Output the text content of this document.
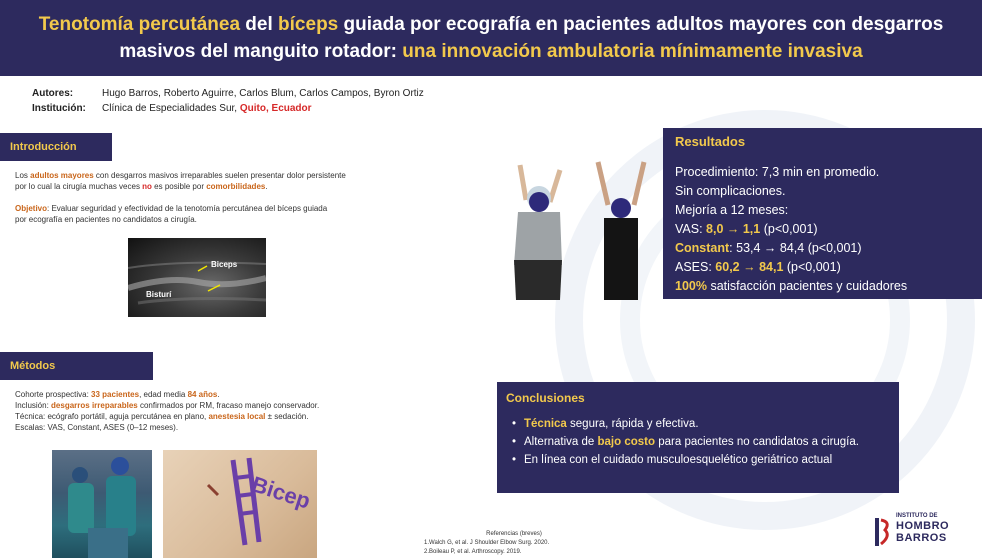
Tenotomía percutánea del bíceps guiada por ecografía en pacientes adultos mayores con desgarros
masivos del manguito rotador: una innovación ambulatoria mínimamente invasiva
Autores:	Hugo Barros, Roberto Aguirre, Carlos Blum, Carlos Campos, Byron Ortiz
Institución: Clínica de Especialidades Sur, Quito, Ecuador
Introducción
Los adultos mayores con desgarros masivos irreparables suelen presentar dolor persistente
por lo cual la cirugía muchas veces no es posible por comorbilidades.
Objetivo: Evaluar seguridad y efectividad de la tenotomía percutánea del bíceps guiada
por ecografía en pacientes no candidatos a cirugía.
Biceps
Bisturí
Métodos
Cohorte prospectiva: 33 pacientes, edad media 84 años.
Inclusión: desgarros irreparables confirmados por RM, fracaso manejo conservador.
Técnica: ecógrafo portátil, aguja percutánea en plano, anestesia local ± sedación.
Escalas: VAS, Constant, ASES (0–12 meses).
Bicep
Resultados
Procedimiento: 7,3 min en promedio.
Sin complicaciones.
Mejoría a 12 meses:
VAS: 8,0 → 1,1 (p<0,001)
Constant: 53,4 → 84,4 (p<0,001)
ASES: 60,2 → 84,1 (p<0,001)
100% satisfacción pacientes y cuidadores
Conclusiones
• Técnica segura, rápida y efectiva.
• Alternativa de bajo costo para pacientes no candidatos a cirugía.
• En línea con el cuidado musculoesquelético geriátrico actual
Referencias (breves)
1.Walch G, et al. J Shoulder Elbow Surg. 2020.
2.Boileau P, et al. Arthroscopy. 2019.
INSTITUTO DE
HOMBRO
BARROS
